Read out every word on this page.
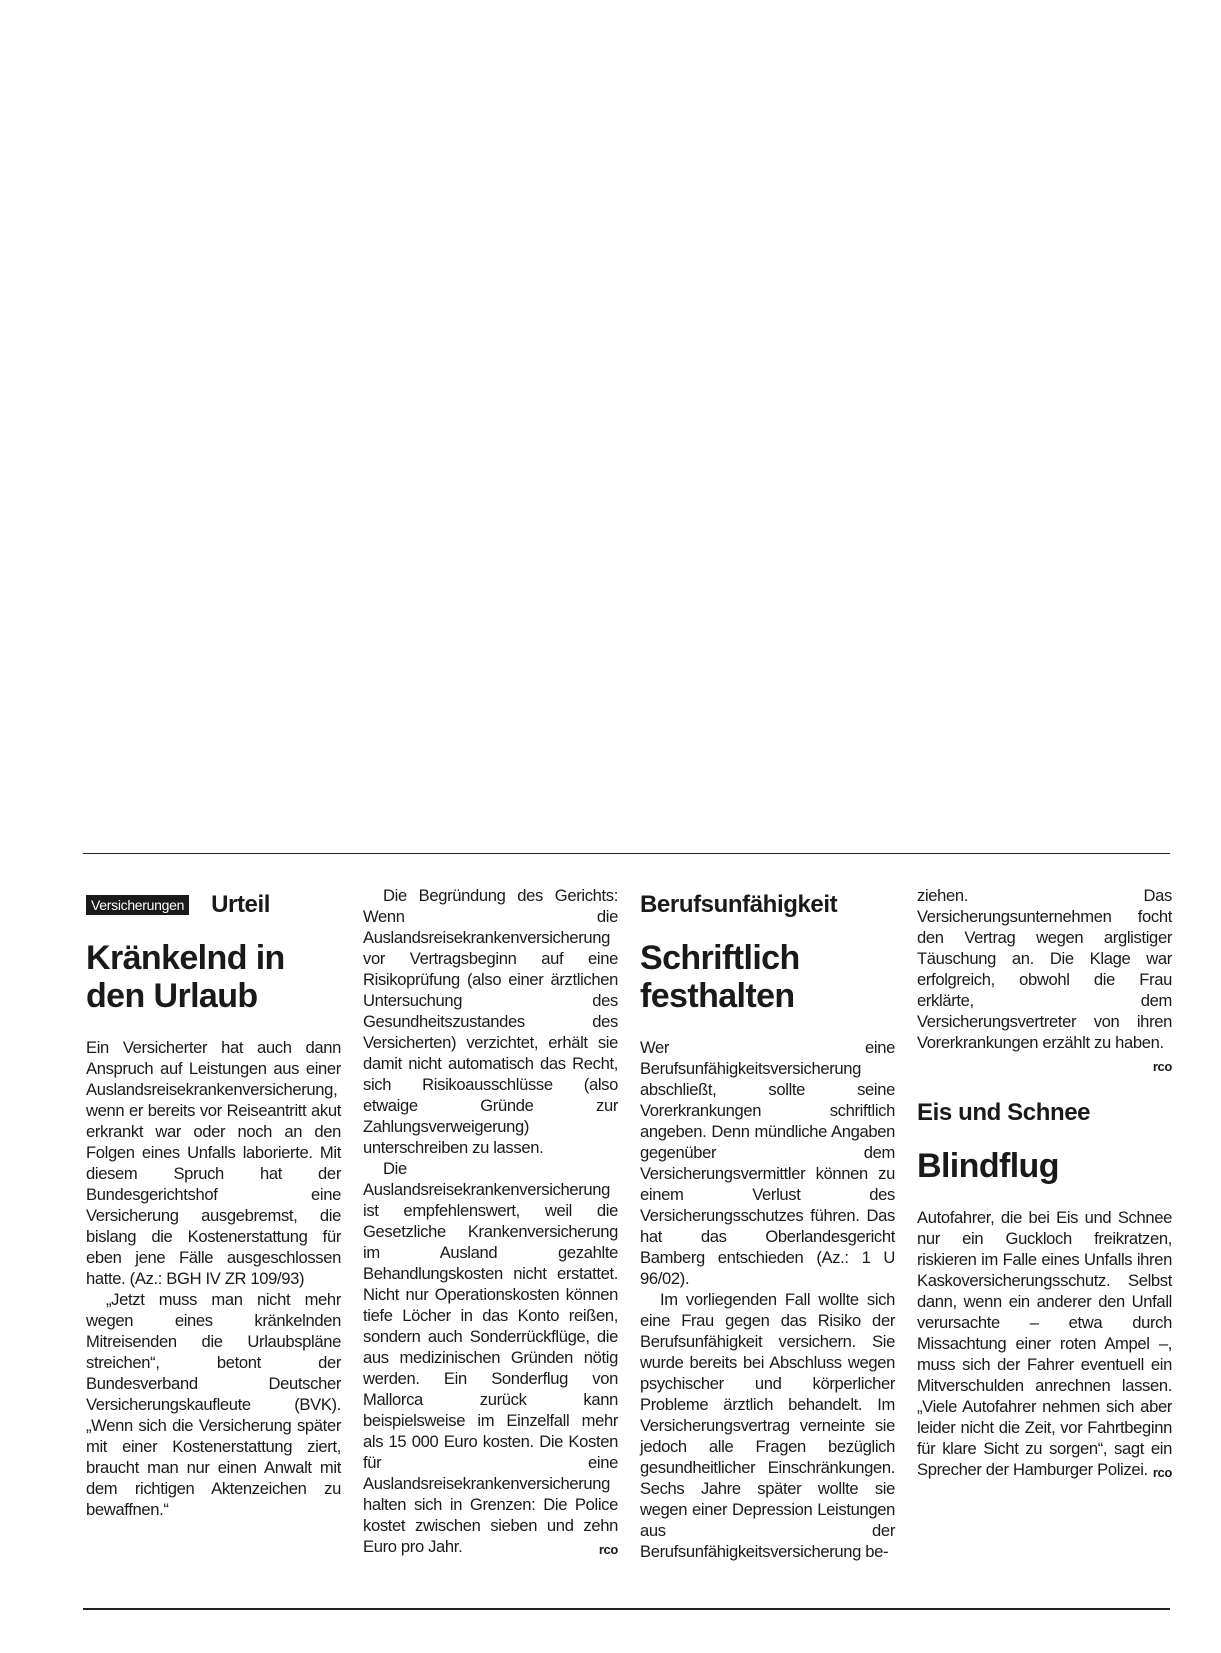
Versicherungen Urteil
Kränkelnd in
den Urlaub

Ein Versicherter hat auch dann Anspruch auf Leistungen aus einer Auslandsreisekrankenversicherung, wenn er bereits vor Reiseantritt akut erkrankt war oder noch an den Folgen eines Unfalls laborierte. Mit diesem Spruch hat der Bundesgerichtshof eine Versicherung ausgebremst, die bislang die Kostenerstattung für eben jene Fälle ausgeschlossen hatte. (Az.: BGH IV ZR 109/93)

„Jetzt muss man nicht mehr wegen eines kränkelnden Mitreisenden die Urlaubspläne streichen“, betont der Bundesverband Deutscher Versicherungskaufleute (BVK). „Wenn sich die Versicherung später mit einer Kostenerstattung ziert, braucht man nur einen Anwalt mit dem richtigen Aktenzeichen zu bewaffnen.“

Die Begründung des Gerichts: Wenn die Auslandsreisekrankenversicherung vor Vertragsbeginn auf eine Risikoprüfung (also einer ärztlichen Untersuchung des Gesundheitszustandes des Versicherten) verzichtet, erhält sie damit nicht automatisch das Recht, sich Risikoausschlüsse (also etwaige Gründe zur Zahlungsverweigerung) unterschreiben zu lassen.

Die Auslandsreisekrankenversicherung ist empfehlenswert, weil die Gesetzliche Krankenversicherung im Ausland gezahlte Behandlungskosten nicht erstattet. Nicht nur Operationskosten können tiefe Löcher in das Konto reißen, sondern auch Sonderrückflüge, die aus medizinischen Gründen nötig werden. Ein Sonderflug von Mallorca zurück kann beispielsweise im Einzelfall mehr als 15 000 Euro kosten. Die Kosten für eine Auslandsreisekrankenversicherung halten sich in Grenzen: Die Police kostet zwischen sieben und zehn Euro pro Jahr.	rco

Berufsunfähigkeit
Schriftlich
festhalten

Wer eine Berufsunfähigkeitsversicherung abschließt, sollte seine Vorerkrankungen schriftlich angeben. Denn mündliche Angaben gegenüber dem Versicherungsvermittler können zu einem Verlust des Versicherungsschutzes führen. Das hat das Oberlandesgericht Bamberg entschieden (Az.: 1 U 96/02).

Im vorliegenden Fall wollte sich eine Frau gegen das Risiko der Berufsunfähigkeit versichern. Sie wurde bereits bei Abschluss wegen psychischer und körperlicher Probleme ärztlich behandelt. Im Versicherungsvertrag verneinte sie jedoch alle Fragen bezüglich gesundheitlicher Einschränkungen. Sechs Jahre später wollte sie wegen einer Depression Leistungen aus der Berufsunfähigkeitsversicherung be-

ziehen. Das Versicherungsunternehmen focht den Vertrag wegen arglistiger Täuschung an. Die Klage war erfolgreich, obwohl die Frau erklärte, dem Versicherungsvertreter von ihren Vorerkrankungen erzählt zu haben.
rco

Eis und Schnee
Blindflug

Autofahrer, die bei Eis und Schnee nur ein Guckloch freikratzen, riskieren im Falle eines Unfalls ihren Kaskoversicherungsschutz. Selbst dann, wenn ein anderer den Unfall verursachte – etwa durch Missachtung einer roten Ampel –, muss sich der Fahrer eventuell ein Mitverschulden anrechnen lassen. „Viele Autofahrer nehmen sich aber leider nicht die Zeit, vor Fahrtbeginn für klare Sicht zu sorgen“, sagt ein Sprecher der Hamburger Polizei. rco
